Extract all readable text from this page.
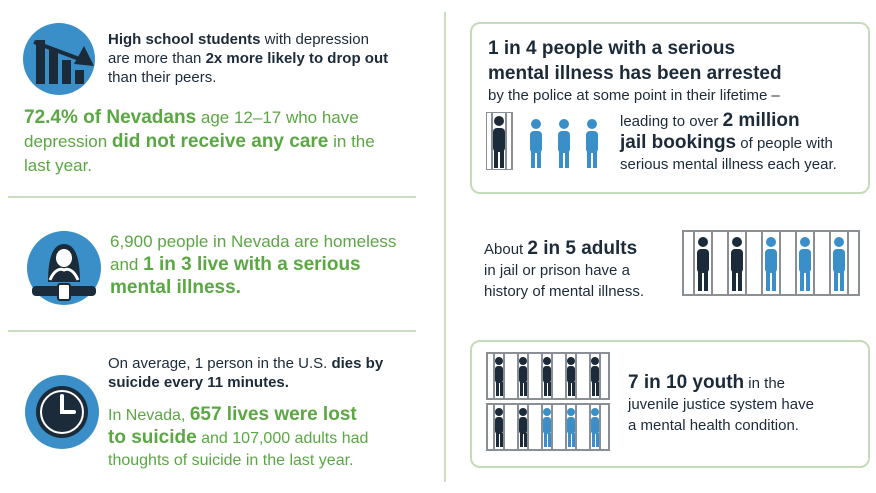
High school students with depression
are more than 2x more likely to drop out
than their peers.
72.4% of Nevadans age 12–17 who have
depression did not receive any care in the
last year.
6,900 people in Nevada are homeless
and 1 in 3 live with a serious
mental illness.
On average, 1 person in the U.S. dies by
suicide every 11 minutes.
In Nevada, 657 lives were lost
to suicide and 107,000 adults had
thoughts of suicide in the last year.
1 in 4 people with a serious
mental illness has been arrested
by the police at some point in their lifetime –
leading to over 2 million
jail bookings of people with
serious mental illness each year.
About 2 in 5 adults
in jail or prison have a
history of mental illness.
7 in 10 youth in the
juvenile justice system have
a mental health condition.
